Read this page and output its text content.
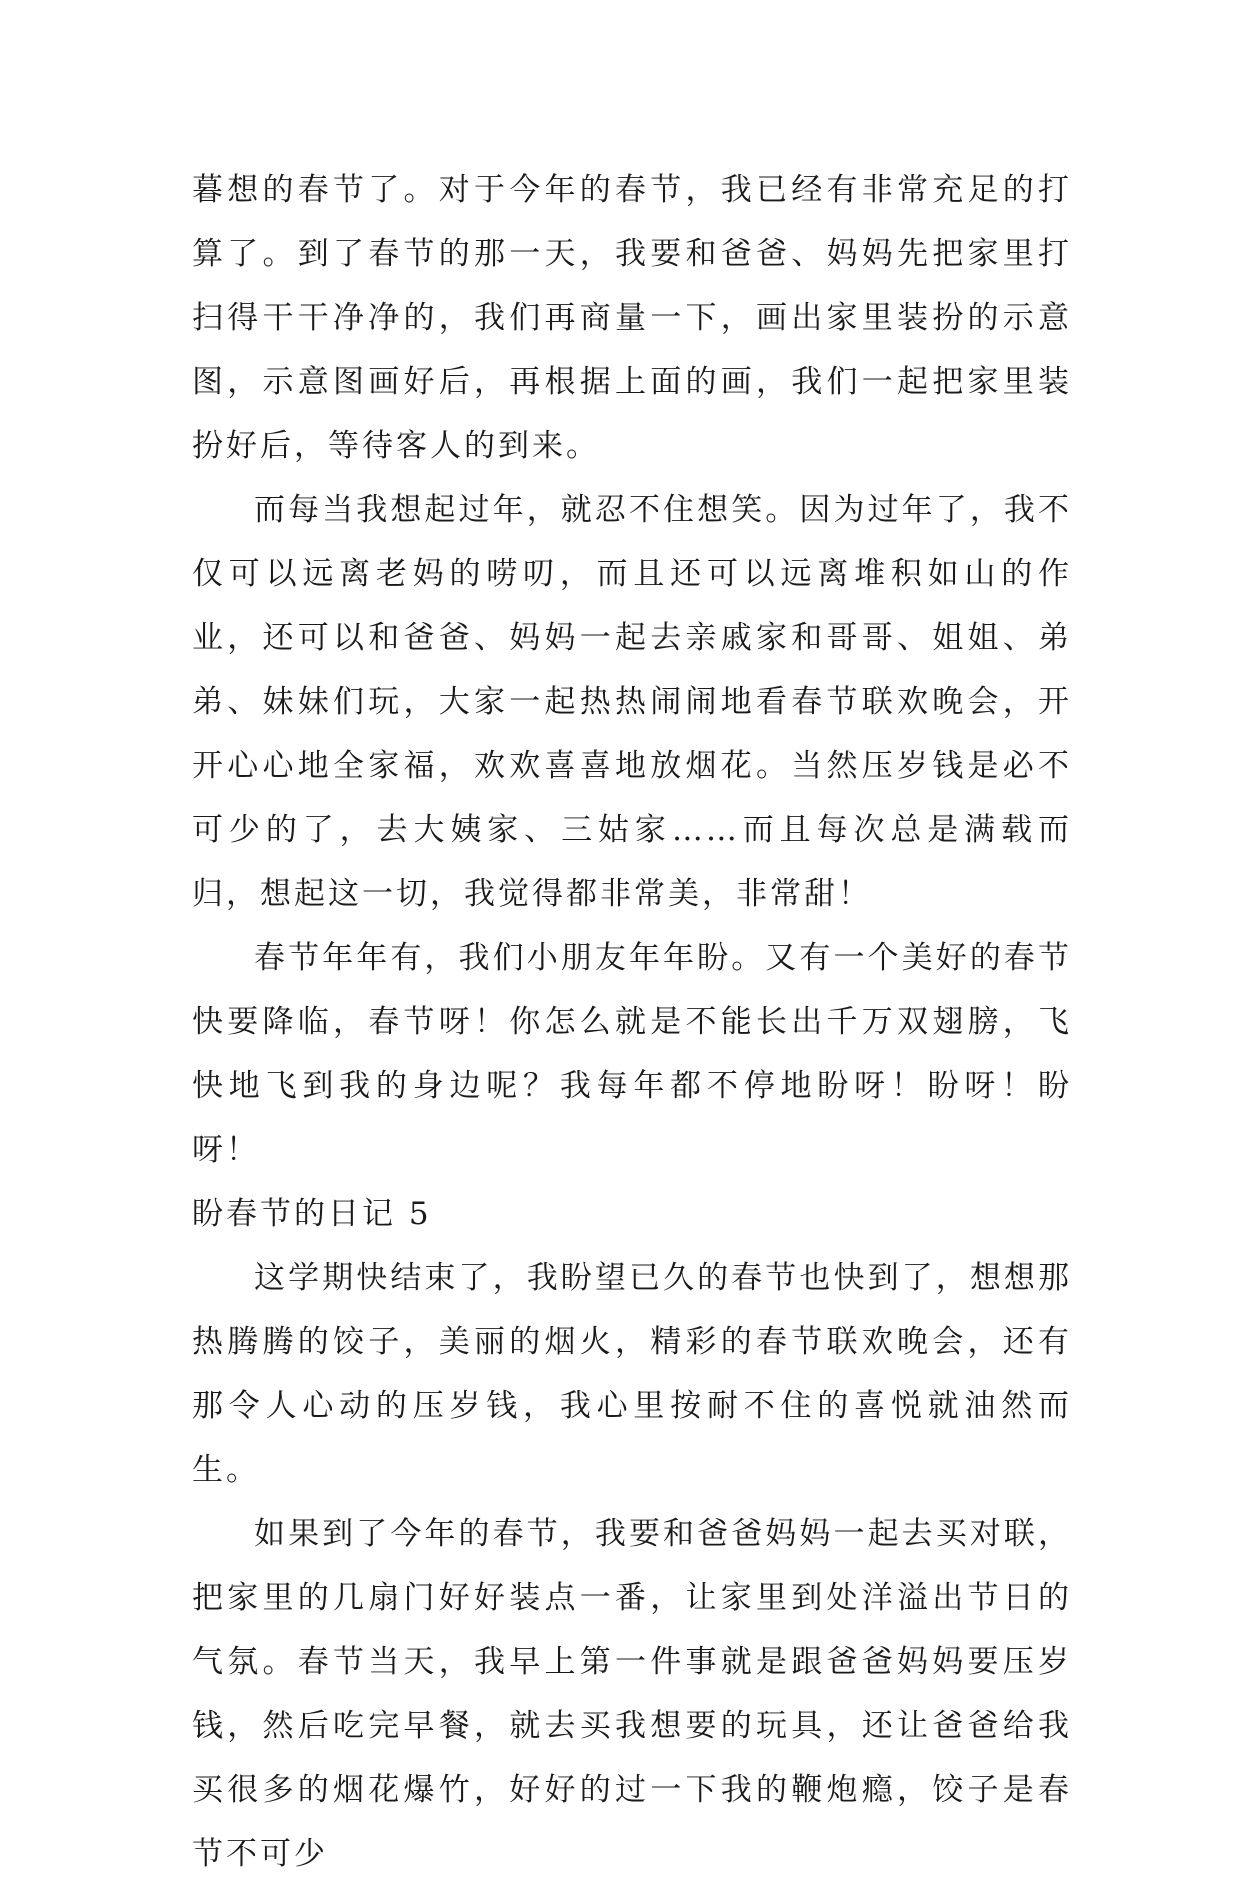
暮想的春节了。对于今年的春节，我已经有非常充足的打算了。到了春节的那一天，我要和爸爸、妈妈先把家里打扫得干干净净的，我们再商量一下，画出家里装扮的示意图，示意图画好后，再根据上面的画，我们一起把家里装扮好后，等待客人的到来。

而每当我想起过年，就忍不住想笑。因为过年了，我不仅可以远离老妈的唠叨，而且还可以远离堆积如山的作业，还可以和爸爸、妈妈一起去亲戚家和哥哥、姐姐、弟弟、妹妹们玩，大家一起热热闹闹地看春节联欢晚会，开开心心地全家福，欢欢喜喜地放烟花。当然压岁钱是必不可少的了，去大姨家、三姑家……而且每次总是满载而归，想起这一切，我觉得都非常美，非常甜！

春节年年有，我们小朋友年年盼。又有一个美好的春节快要降临，春节呀！你怎么就是不能长出千万双翅膀，飞快地飞到我的身边呢？我每年都不停地盼呀！盼呀！盼呀！

盼春节的日记 5

这学期快结束了，我盼望已久的春节也快到了，想想那热腾腾的饺子，美丽的烟火，精彩的春节联欢晚会，还有那令人心动的压岁钱，我心里按耐不住的喜悦就油然而生。

如果到了今年的春节，我要和爸爸妈妈一起去买对联，把家里的几扇门好好装点一番，让家里到处洋溢出节日的气氛。春节当天，我早上第一件事就是跟爸爸妈妈要压岁钱，然后吃完早餐，就去买我想要的玩具，还让爸爸给我买很多的烟花爆竹，好好的过一下我的鞭炮瘾，饺子是春节不可少
